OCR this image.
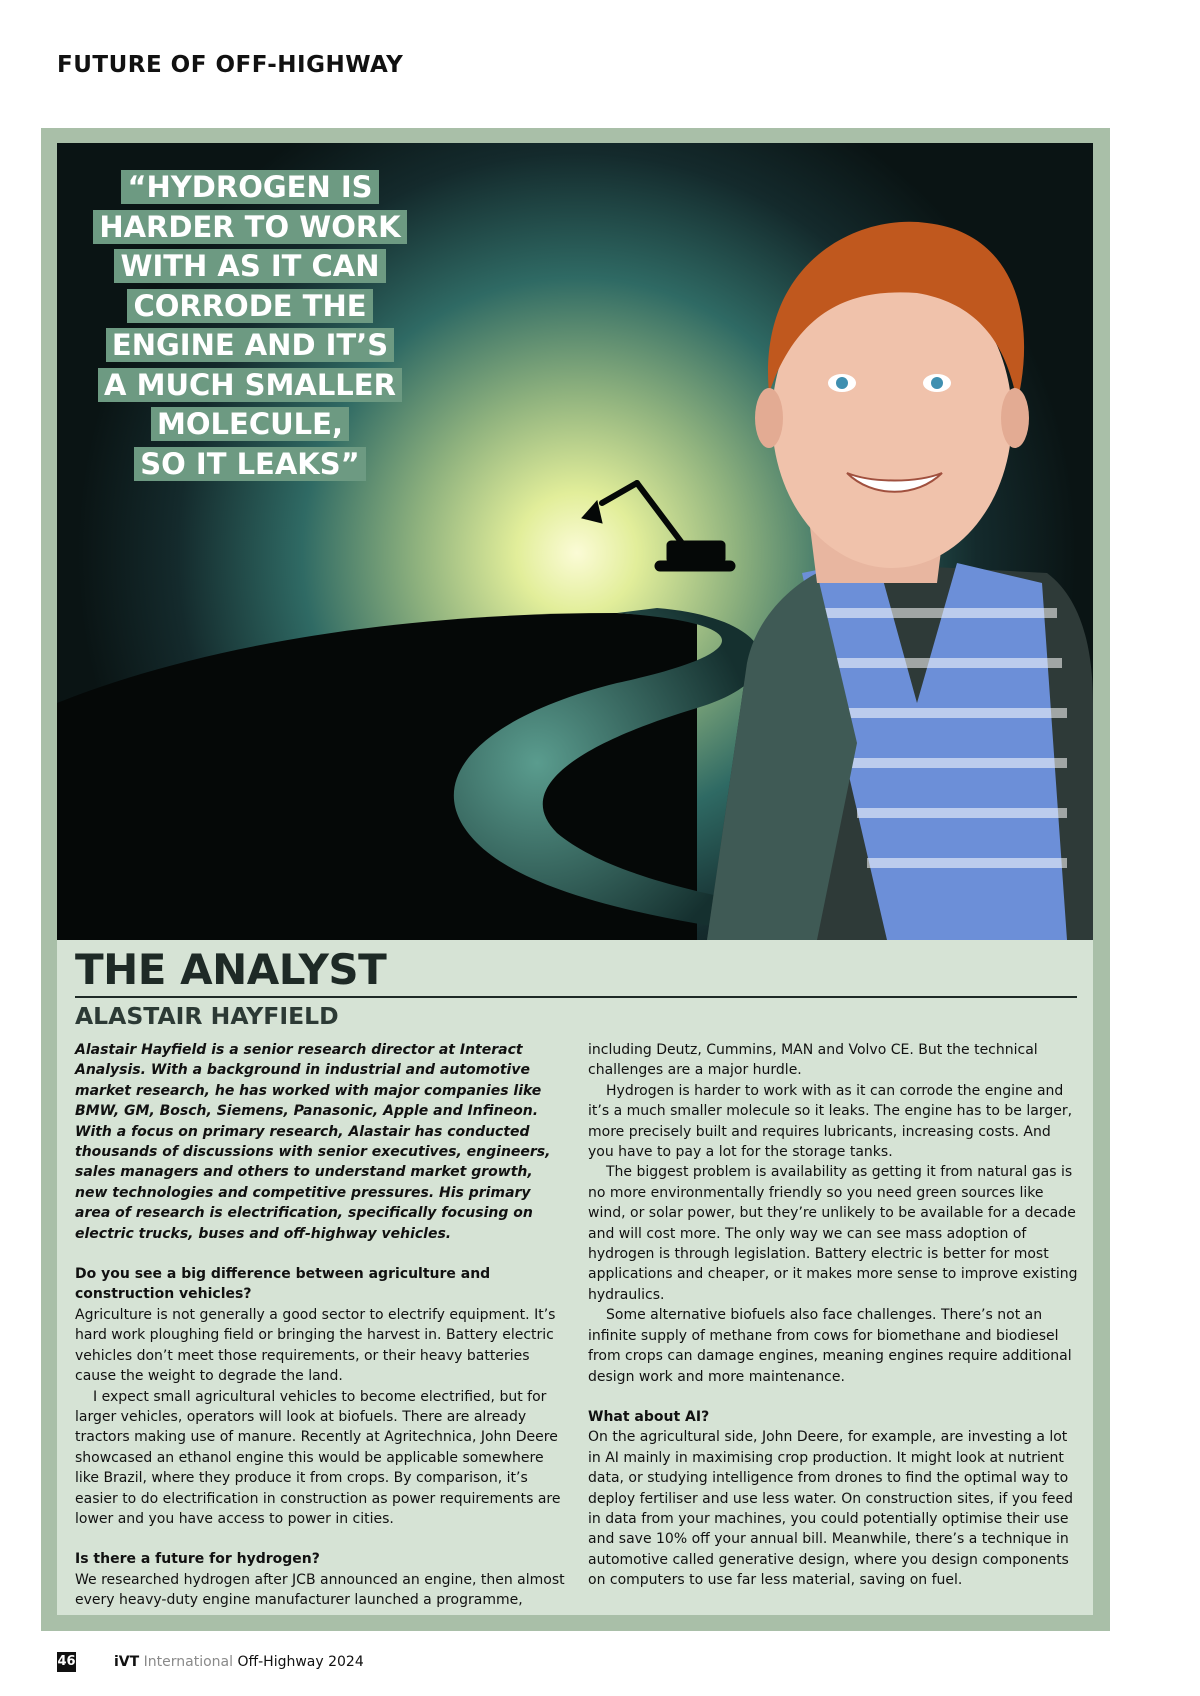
FUTURE OF OFF-HIGHWAY
“HYDROGEN IS
HARDER TO WORK
WITH AS IT CAN
CORRODE THE
ENGINE AND IT’S
A MUCH SMALLER
MOLECULE,
SO IT LEAKS”
THE ANALYST
ALASTAIR HAYFIELD

Alastair Hayfield is a senior research director at Interact Analysis. With a background in industrial and automotive market research, he has worked with major companies like BMW, GM, Bosch, Siemens, Panasonic, Apple and Infineon. With a focus on primary research, Alastair has conducted thousands of discussions with senior executives, engineers, sales managers and others to understand market growth, new technologies and competitive pressures. His primary area of research is electrification, specifically focusing on electric trucks, buses and off-highway vehicles.

Do you see a big difference between agriculture and construction vehicles?

Agriculture is not generally a good sector to electrify equipment. It’s hard work ploughing field or bringing the harvest in. Battery electric vehicles don’t meet those requirements, or their heavy batteries cause the weight to degrade the land.

I expect small agricultural vehicles to become electrified, but for larger vehicles, operators will look at biofuels. There are already tractors making use of manure. Recently at Agritechnica, John Deere showcased an ethanol engine this would be applicable somewhere like Brazil, where they produce it from crops. By comparison, it’s easier to do electrification in construction as power requirements are lower and you have access to power in cities.

Is there a future for hydrogen?

We researched hydrogen after JCB announced an engine, then almost every heavy-duty engine manufacturer launched a programme,

including Deutz, Cummins, MAN and Volvo CE. But the technical challenges are a major hurdle.

Hydrogen is harder to work with as it can corrode the engine and it’s a much smaller molecule so it leaks. The engine has to be larger, more precisely built and requires lubricants, increasing costs. And you have to pay a lot for the storage tanks.

The biggest problem is availability as getting it from natural gas is no more environmentally friendly so you need green sources like wind, or solar power, but they’re unlikely to be available for a decade and will cost more. The only way we can see mass adoption of hydrogen is through legislation. Battery electric is better for most applications and cheaper, or it makes more sense to improve existing hydraulics.

Some alternative biofuels also face challenges. There’s not an infinite supply of methane from cows for biomethane and biodiesel from crops can damage engines, meaning engines require additional design work and more maintenance.

What about AI?

On the agricultural side, John Deere, for example, are investing a lot in AI mainly in maximising crop production. It might look at nutrient data, or studying intelligence from drones to find the optimal way to deploy fertiliser and use less water. On construction sites, if you feed in data from your machines, you could potentially optimise their use and save 10% off your annual bill. Meanwhile, there’s a technique in automotive called generative design, where you design components on computers to use far less material, saving on fuel.

46	iVT International Off-Highway 2024
